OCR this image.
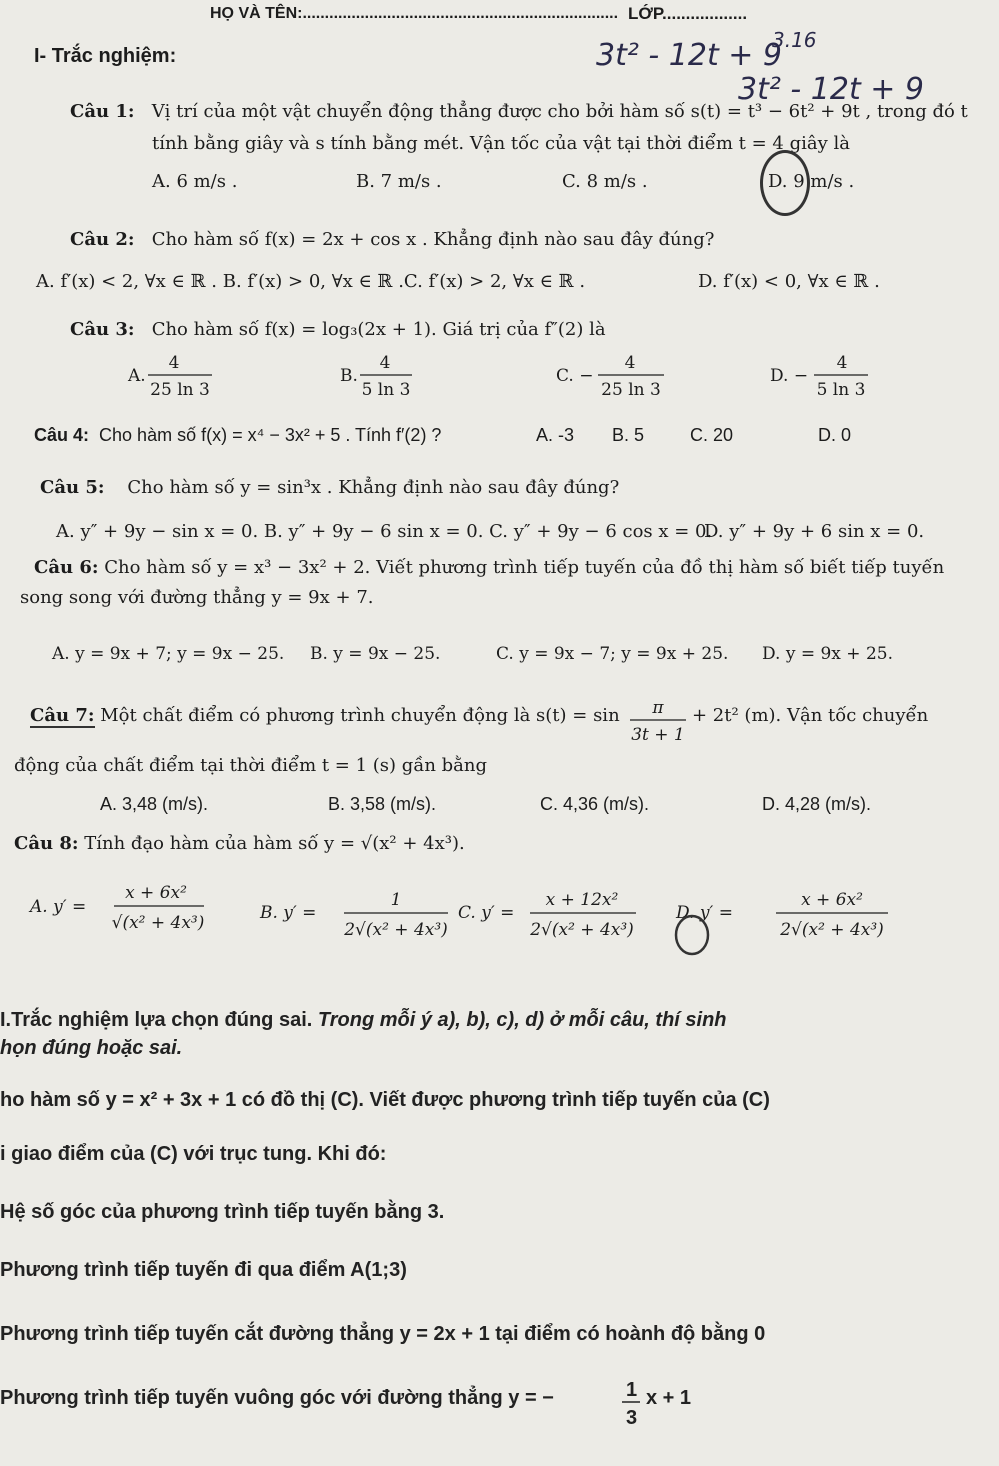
HỌ VÀ TÊN:....................................................................... LỚP..................
3t² - 12t + 9
3t² - 12t + 9
3.16
I- Trắc nghiệm:
Câu 1: Vị trí của một vật chuyển động thẳng được cho bởi hàm số s(t) = t³ − 6t² + 9t , trong đó t
tính bằng giây và s tính bằng mét. Vận tốc của vật tại thời điểm t = 4 giây là
A. 6 m/s .	B. 7 m/s .	C. 8 m/s .	D. 9 m/s .
Câu 2: Cho hàm số f(x) = 2x + cos x . Khẳng định nào sau đây đúng?
A. f′(x) < 2, ∀x ∈ ℝ . B. f′(x) > 0, ∀x ∈ ℝ .C. f′(x) > 2, ∀x ∈ ℝ .	D. f′(x) < 0, ∀x ∈ ℝ .
Câu 3: Cho hàm số f(x) = log₃(2x + 1). Giá trị của f″(2) là
A.
4
25 ln 3
B.
4
5 ln 3
C. −
4
25 ln 3
D. −
4
5 ln 3
π
3t + 1
A. y′ =
x + 6x²
√(x² + 4x³)	B. y′ =
1
2√(x² + 4x³)
C. y′ =
x + 12x²
2√(x² + 4x³)
D. y′ =
x + 6x²
2√(x² + 4x³)
1
3
Câu 4: Cho hàm số f(x) = x⁴ − 3x² + 5 . Tính f′(2) ?	A. -3 B. 5	C. 20	D. 0
Câu 5: Cho hàm số y = sin³x . Khẳng định nào sau đây đúng?
A. y″ + 9y − sin x = 0. B. y″ + 9y − 6 sin x = 0. C. y″ + 9y − 6 cos x = 0.
D. y″ + 9y + 6 sin x = 0.
Câu 6: Cho hàm số y = x³ − 3x² + 2. Viết phương trình tiếp tuyến của đồ thị hàm số biết tiếp tuyến
song song với đường thẳng y = 9x + 7.
A. y = 9x + 7; y = 9x − 25. B. y = 9x − 25.	C. y = 9x − 7; y = 9x + 25. D. y = 9x + 25.
Câu 7: Một chất điểm có phương trình chuyển động là s(t) = sin	+ 2t² (m). Vận tốc chuyển
động của chất điểm tại thời điểm t = 1 (s) gần bằng
A. 3,48 (m/s).	B. 3,58 (m/s).	C. 4,36 (m/s).	D. 4,28 (m/s).
Câu 8: Tính đạo hàm của hàm số y = √(x² + 4x³).
I.Trắc nghiệm lựa chọn đúng sai. Trong mỗi ý a), b), c), d) ở mỗi câu, thí sinh
họn đúng hoặc sai.
ho hàm số y = x² + 3x + 1 có đồ thị (C). Viết được phương trình tiếp tuyến của (C)
i giao điểm của (C) với trục tung. Khi đó:
Hệ số góc của phương trình tiếp tuyến bằng 3.
Phương trình tiếp tuyến đi qua điểm A(1;3)
Phương trình tiếp tuyến cắt đường thẳng y = 2x + 1 tại điểm có hoành độ bằng 0
Phương trình tiếp tuyến vuông góc với đường thẳng y = −	x + 1
